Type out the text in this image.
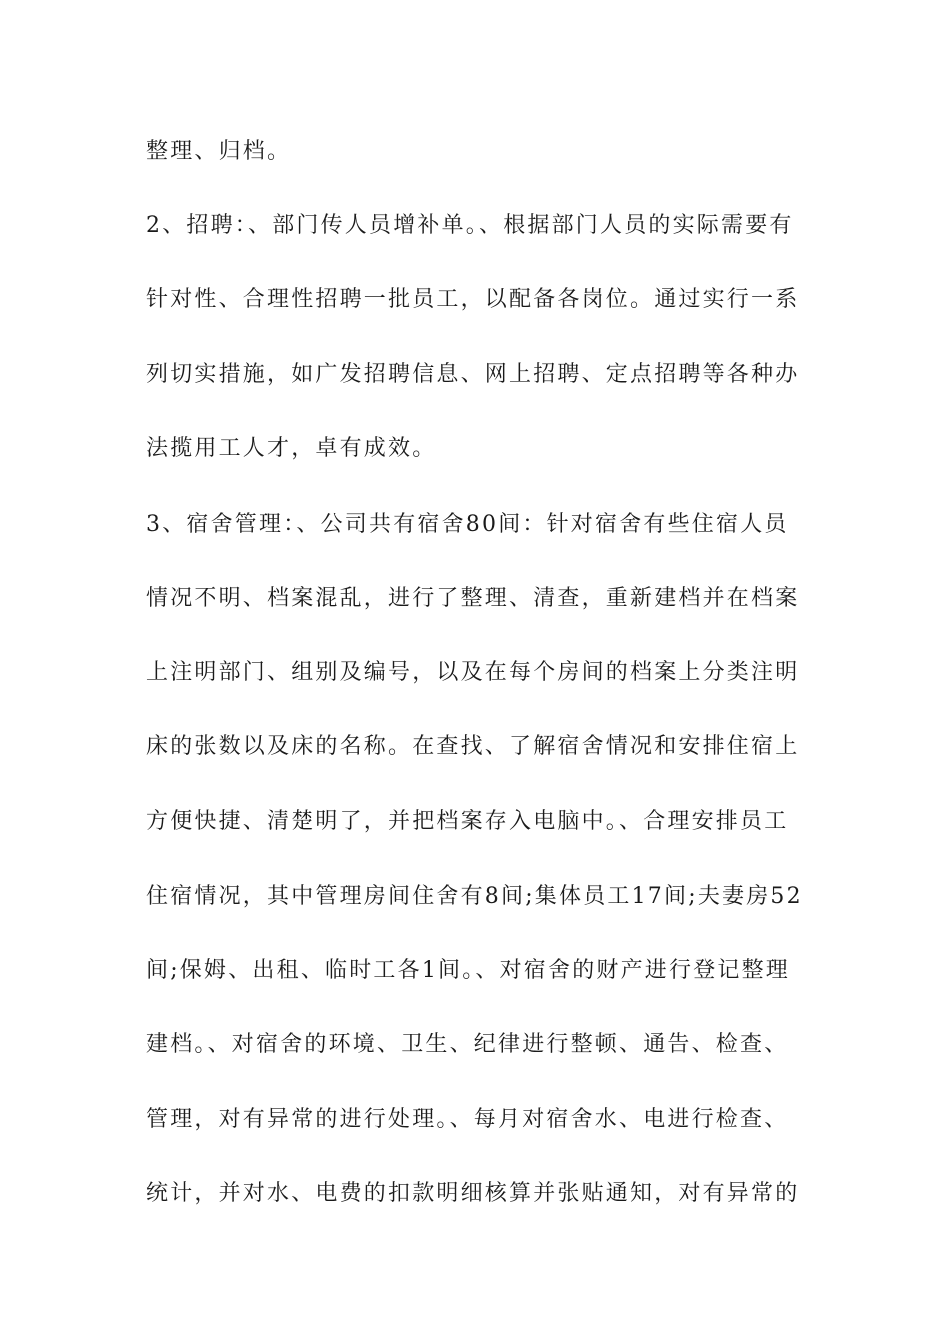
整理、归档。
2、招聘：、部门传人员增补单。、根据部门人员的实际需要有
针对性、合理性招聘一批员工，以配备各岗位。通过实行一系
列切实措施，如广发招聘信息、网上招聘、定点招聘等各种办
法揽用工人才，卓有成效。
3、宿舍管理：、公司共有宿舍80间：针对宿舍有些住宿人员
情况不明、档案混乱，进行了整理、清查，重新建档并在档案
上注明部门、组别及编号，以及在每个房间的档案上分类注明
床的张数以及床的名称。在查找、了解宿舍情况和安排住宿上
方便快捷、清楚明了，并把档案存入电脑中。、合理安排员工
住宿情况，其中管理房间住舍有8间;集体员工17间;夫妻房52
间;保姆、出租、临时工各1间。、对宿舍的财产进行登记整理
建档。、对宿舍的环境、卫生、纪律进行整顿、通告、检查、
管理，对有异常的进行处理。、每月对宿舍水、电进行检查、
统计，并对水、电费的扣款明细核算并张贴通知，对有异常的
